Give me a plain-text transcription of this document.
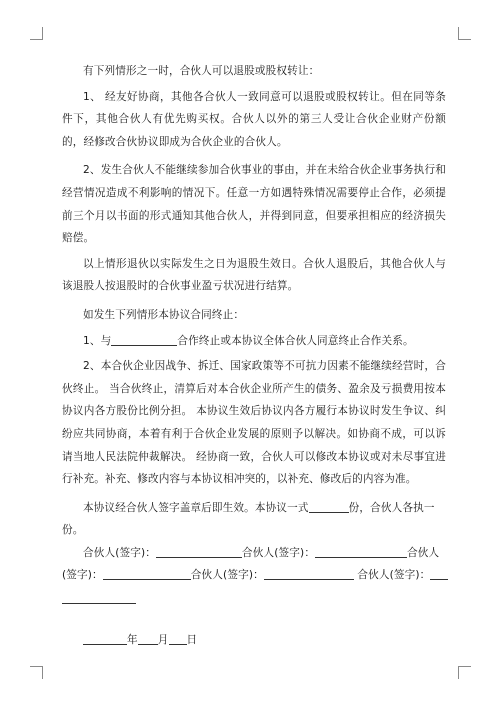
有下列情形之一时，合伙人可以退股或股权转让：

1、 经友好协商，其他各合伙人一致同意可以退股或股权转让。但在同等条件下，其他合伙人有优先购买权。合伙人以外的第三人受让合伙企业财产份额的，经修改合伙协议即成为合伙企业的合伙人。

2、发生合伙人不能继续参加合伙事业的事由，并在未给合伙企业事务执行和经营情况造成不利影响的情况下。任意一方如遇特殊情况需要停止合作，必须提前三个月以书面的形式通知其他合伙人，并得到同意，但要承担相应的经济损失赔偿。

以上情形退伙以实际发生之日为退股生效日。合伙人退股后，其他合伙人与该退股人按退股时的合伙事业盈亏状况进行结算。

如发生下列情形本协议合同终止：

1、与	合作终止或本协议全体合伙人同意终止合作关系。

2、本合伙企业因战争、拆迁、国家政策等不可抗力因素不能继续经营时，合伙终止。 当合伙终止，清算后对本合伙企业所产生的债务、盈余及亏损费用按本协议内各方股份比例分担。 本协议生效后协议内各方履行本协议时发生争议、纠纷应共同协商，本着有利于合伙企业发展的原则予以解决。如协商不成，可以诉请当地人民法院仲裁解决。 经协商一致，合伙人可以修改本协议或对未尽事宜进行补充。补充、修改内容与本协议相冲突的，以补充、修改后的内容为准。

本协议经合伙人签字盖章后即生效。本协议一式	份，合伙人各执一份。

合伙人(签字)：	合伙人(签字)：	合伙人

(签字)：	合伙人(签字)：	合伙人(签字)：

年 月 日
